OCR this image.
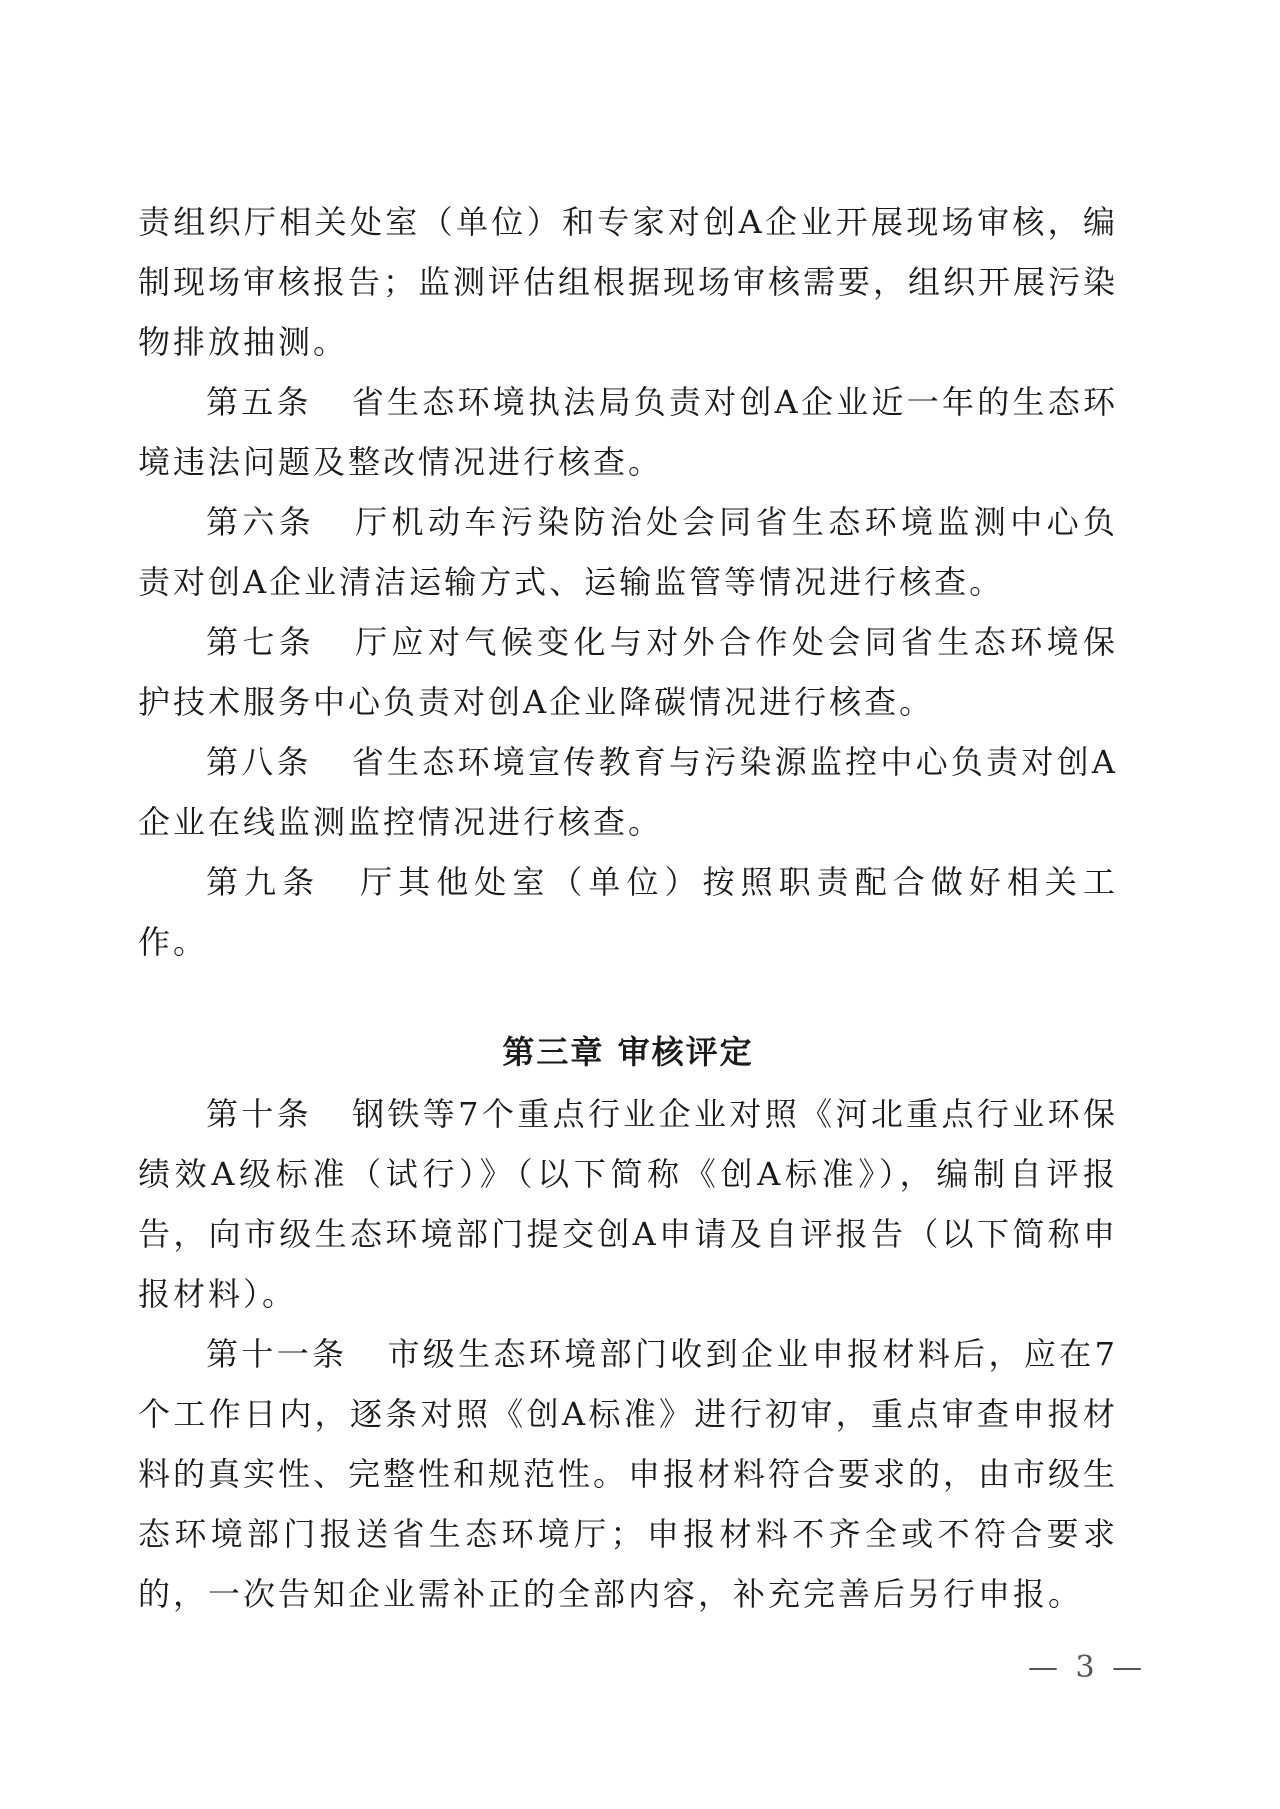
责组织厅相关处室（单位）和专家对创A企业开展现场审核，编制现场审核报告；监测评估组根据现场审核需要，组织开展污染物排放抽测。

第五条 省生态环境执法局负责对创A企业近一年的生态环境违法问题及整改情况进行核查。

第六条 厅机动车污染防治处会同省生态环境监测中心负责对创A企业清洁运输方式、运输监管等情况进行核查。

第七条 厅应对气候变化与对外合作处会同省生态环境保护技术服务中心负责对创A企业降碳情况进行核查。

第八条 省生态环境宣传教育与污染源监控中心负责对创A企业在线监测监控情况进行核查。

第九条 厅其他处室（单位）按照职责配合做好相关工作。

第三章 审核评定

第十条 钢铁等7个重点行业企业对照《河北重点行业环保绩效A级标准（试行）》（以下简称《创A标准》），编制自评报告，向市级生态环境部门提交创A申请及自评报告（以下简称申报材料）。

第十一条 市级生态环境部门收到企业申报材料后，应在7个工作日内，逐条对照《创A标准》进行初审，重点审查申报材料的真实性、完整性和规范性。申报材料符合要求的，由市级生态环境部门报送省生态环境厅；申报材料不齐全或不符合要求的，一次告知企业需补正的全部内容，补充完善后另行申报。

— 3 —
